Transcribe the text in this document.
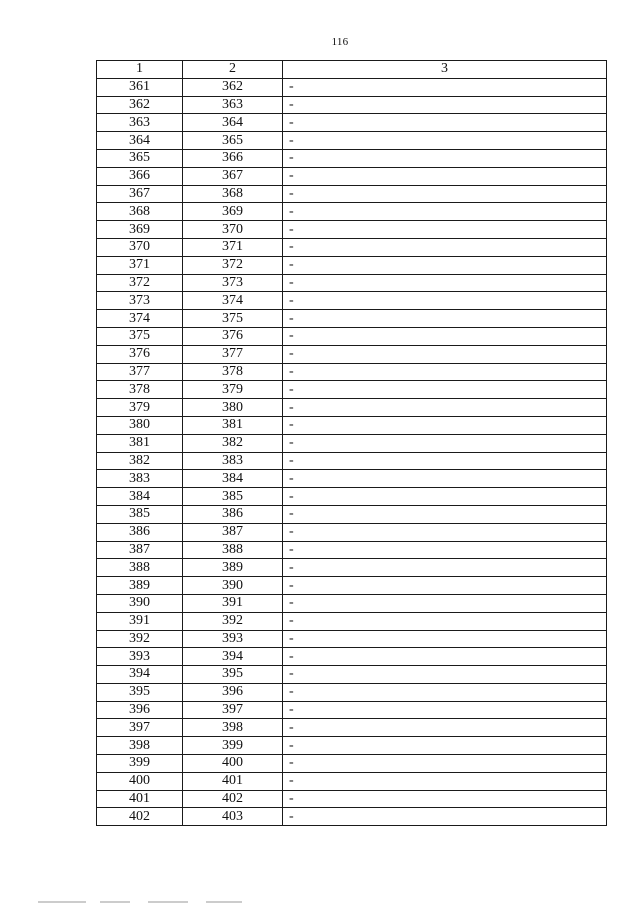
116
1	2	3
361	362	-
362	363	-
363	364	-
364	365	-
365	366	-
366	367	-
367	368	-
368	369	-
369	370	-
370	371	-
371	372	-
372	373	-
373	374	-
374	375	-
375	376	-
376	377	-
377	378	-
378	379	-
379	380	-
380	381	-
381	382	-
382	383	-
383	384	-
384	385	-
385	386	-
386	387	-
387	388	-
388	389	-
389	390	-
390	391	-
391	392	-
392	393	-
393	394	-
394	395	-
395	396	-
396	397	-
397	398	-
398	399	-
399	400	-
400	401	-
401	402	-
402	403	-
